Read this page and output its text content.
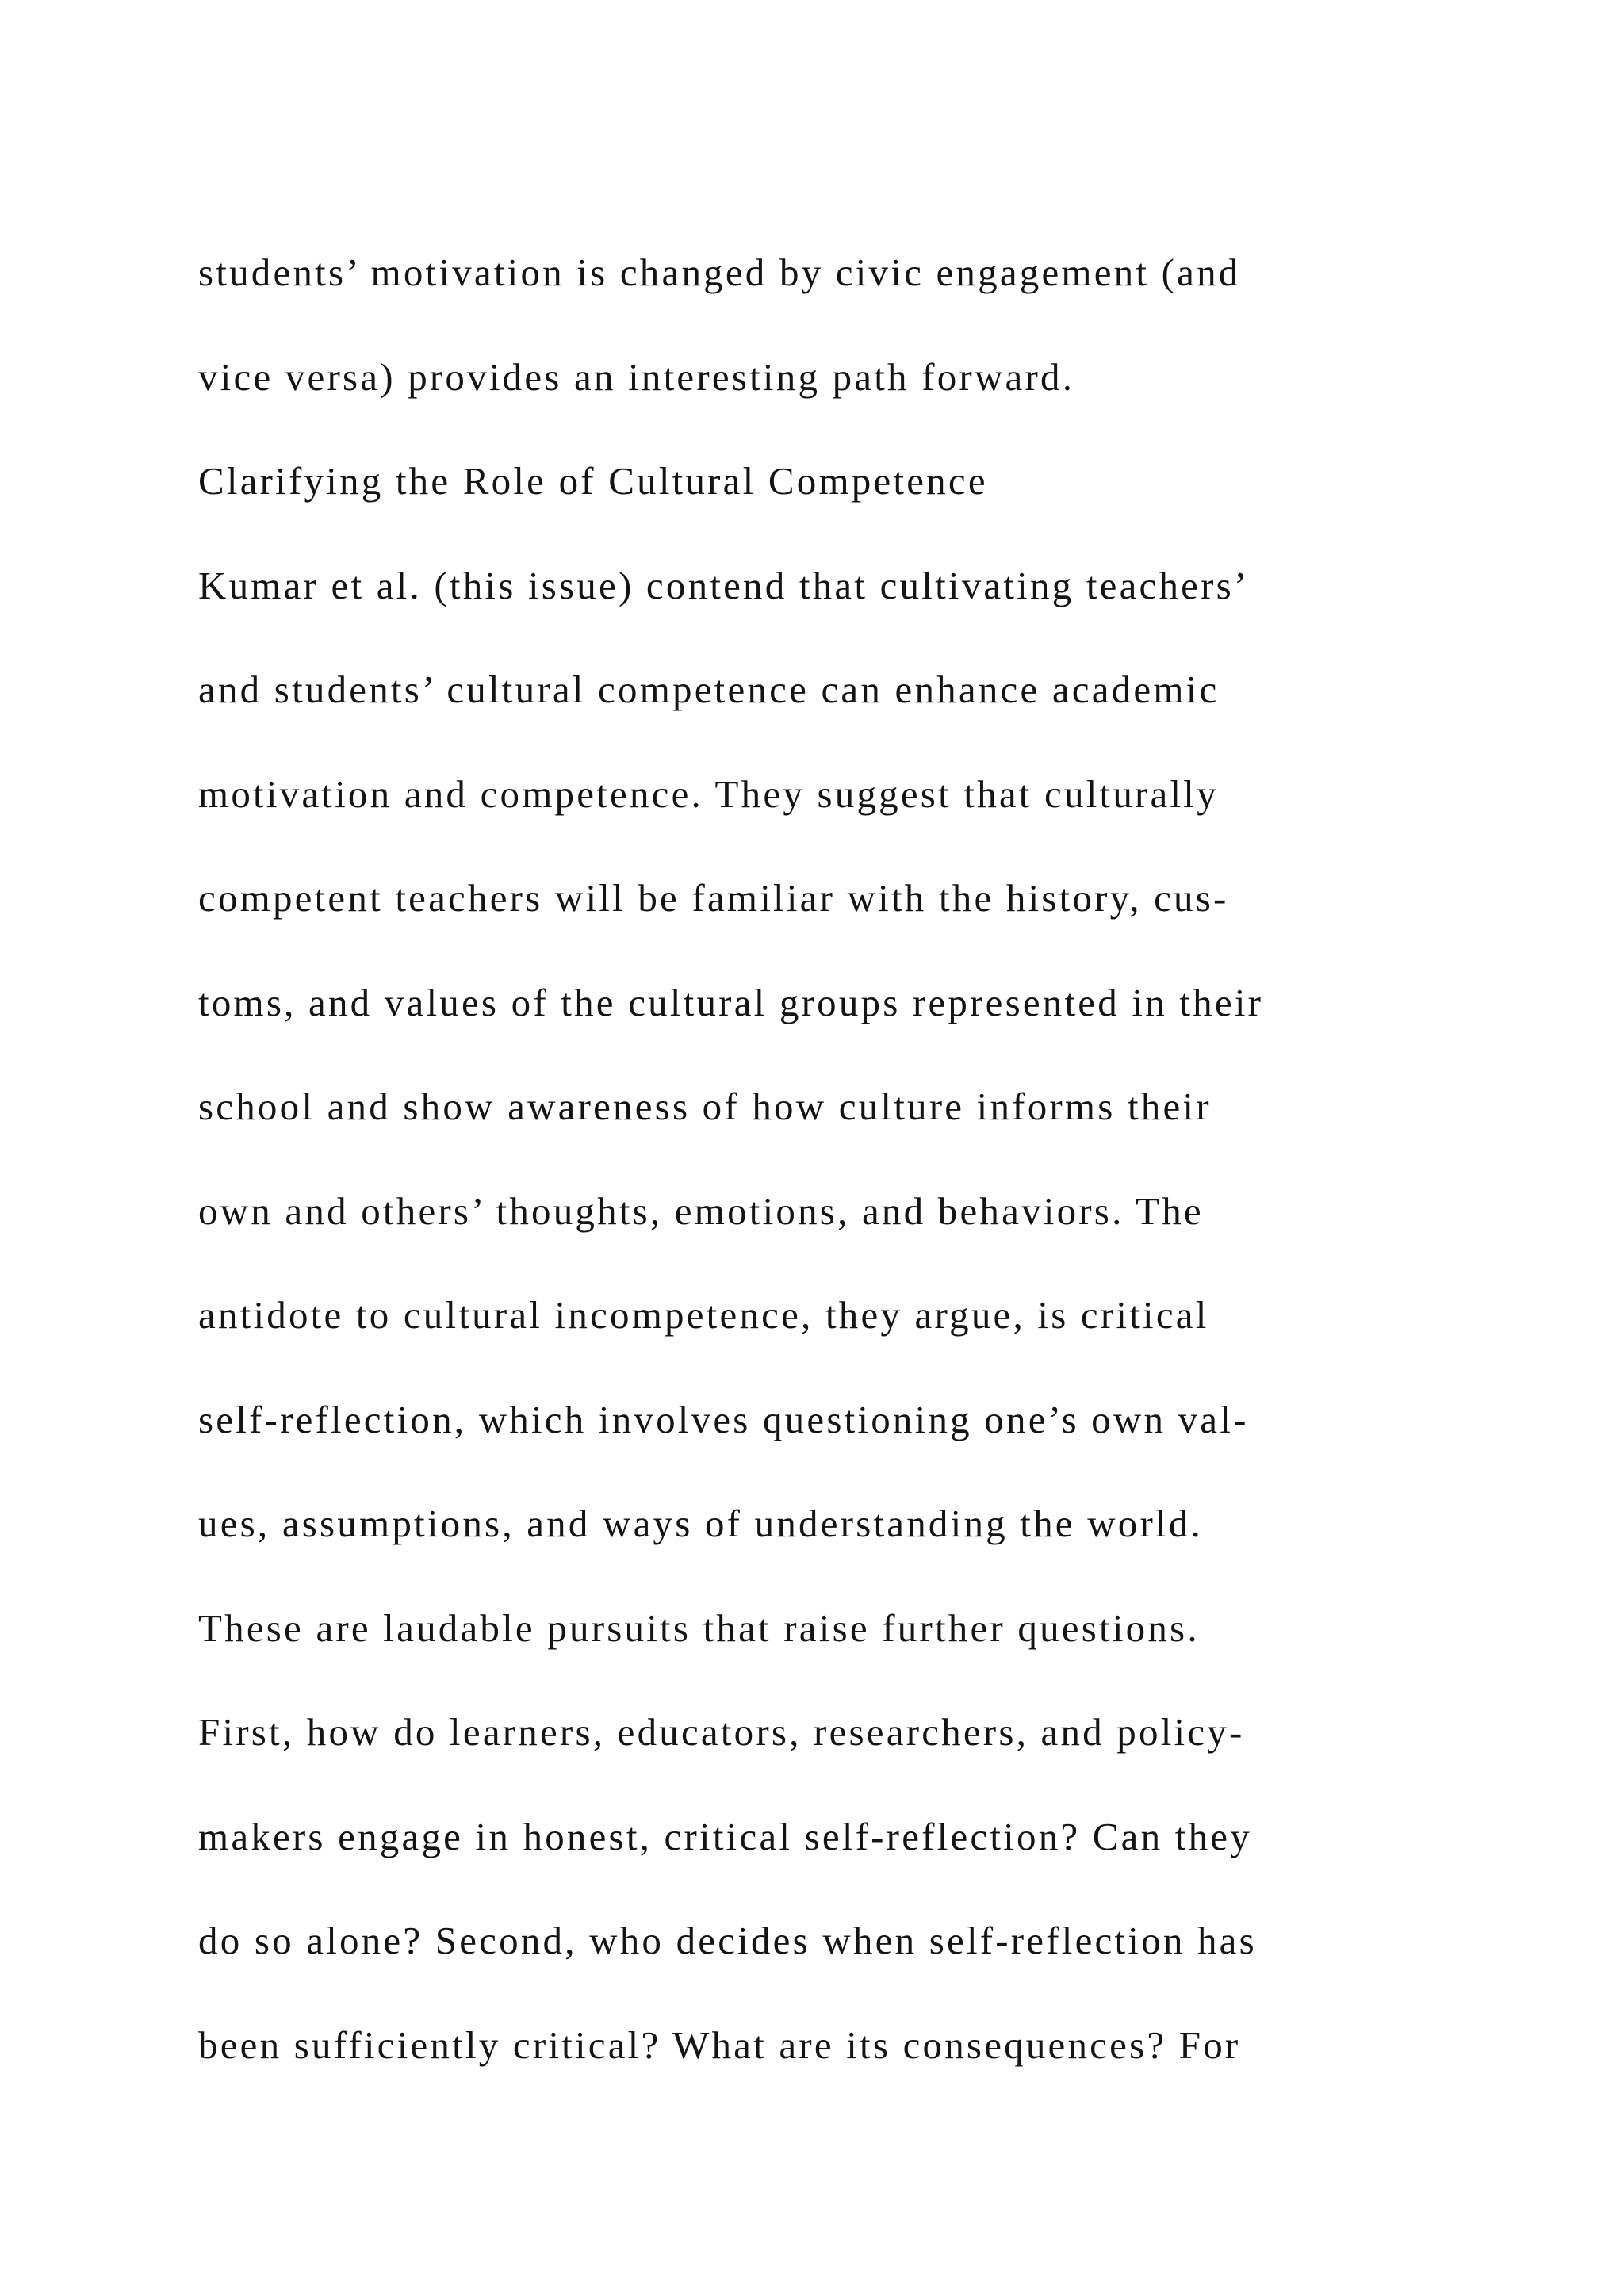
students’ motivation is changed by civic engagement (and
vice versa) provides an interesting path forward.
Clarifying the Role of Cultural Competence
Kumar et al. (this issue) contend that cultivating teachers’
and students’ cultural competence can enhance academic
motivation and competence. They suggest that culturally
competent teachers will be familiar with the history, cus-
toms, and values of the cultural groups represented in their
school and show awareness of how culture informs their
own and others’ thoughts, emotions, and behaviors. The
antidote to cultural incompetence, they argue, is critical
self-reflection, which involves questioning one’s own val-
ues, assumptions, and ways of understanding the world.
These are laudable pursuits that raise further questions.
First, how do learners, educators, researchers, and policy-
makers engage in honest, critical self-reflection? Can they
do so alone? Second, who decides when self-reflection has
been sufficiently critical? What are its consequences? For
